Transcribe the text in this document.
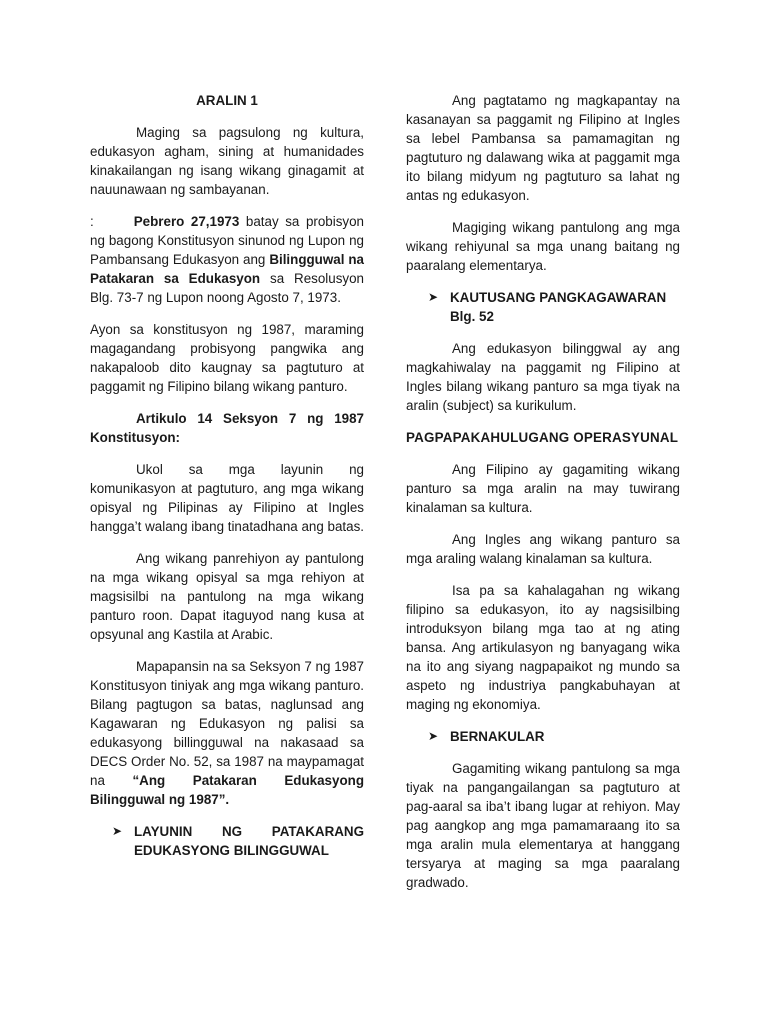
ARALIN 1

Maging sa pagsulong ng kultura, edukasyon agham, sining at humanidades kinakailangan ng isang wikang ginagamit at nauunawaan ng sambayanan.

:	Pebrero 27,1973 batay sa probisyon ng bagong Konstitusyon sinunod ng Lupon ng Pambansang Edukasyon ang Bilingguwal na Patakaran sa Edukasyon sa Resolusyon Blg. 73-7 ng Lupon noong Agosto 7, 1973.

Ayon sa konstitusyon ng 1987, maraming magagandang probisyong pangwika ang nakapaloob dito kaugnay sa pagtuturo at paggamit ng Filipino bilang wikang panturo.

Artikulo 14 Seksyon 7 ng 1987 Konstitusyon:

Ukol sa mga layunin ng komunikasyon at pagtuturo, ang mga wikang opisyal ng Pilipinas ay Filipino at Ingles hangga’t walang ibang tinatadhana ang batas.

Ang wikang panrehiyon ay pantulong na mga wikang opisyal sa mga rehiyon at magsisilbi na pantulong na mga wikang panturo roon. Dapat itaguyod nang kusa at opsyunal ang Kastila at Arabic.

Mapapansin na sa Seksyon 7 ng 1987 Konstitusyon tiniyak ang mga wikang panturo. Bilang pagtugon sa batas, naglunsad ang Kagawaran ng Edukasyon ng palisi sa edukasyong billingguwal na nakasaad sa DECS Order No. 52, sa 1987 na maypamagat na “Ang Patakaran Edukasyong Bilingguwal ng 1987”.

➤ LAYUNIN NG PATAKARANG EDUKASYONG BILINGGUWAL

Ang pagtatamo ng magkapantay na kasanayan sa paggamit ng Filipino at Ingles sa lebel Pambansa sa pamamagitan ng pagtuturo ng dalawang wika at paggamit mga ito bilang midyum ng pagtuturo sa lahat ng antas ng edukasyon.

Magiging wikang pantulong ang mga wikang rehiyunal sa mga unang baitang ng paaralang elementarya.

➤ KAUTUSANG PANGKAGAWARAN Blg. 52

Ang edukasyon bilinggwal ay ang magkahiwalay na paggamit ng Filipino at Ingles bilang wikang panturo sa mga tiyak na aralin (subject) sa kurikulum.

PAGPAPAKAHULUGANG OPERASYUNAL

Ang Filipino ay gagamiting wikang panturo sa mga aralin na may tuwirang kinalaman sa kultura.

Ang Ingles ang wikang panturo sa mga araling walang kinalaman sa kultura.

Isa pa sa kahalagahan ng wikang filipino sa edukasyon, ito ay nagsisilbing introduksyon bilang mga tao at ng ating bansa. Ang artikulasyon ng banyagang wika na ito ang siyang nagpapaikot ng mundo sa aspeto ng industriya pangkabuhayan at maging ng ekonomiya.

➤ BERNAKULAR

Gagamiting wikang pantulong sa mga tiyak na pangangailangan sa pagtuturo at pag-aaral sa iba’t ibang lugar at rehiyon. May pag aangkop ang mga pamamaraang ito sa mga aralin mula elementarya at hanggang tersyarya at maging sa mga paaralang gradwado.
